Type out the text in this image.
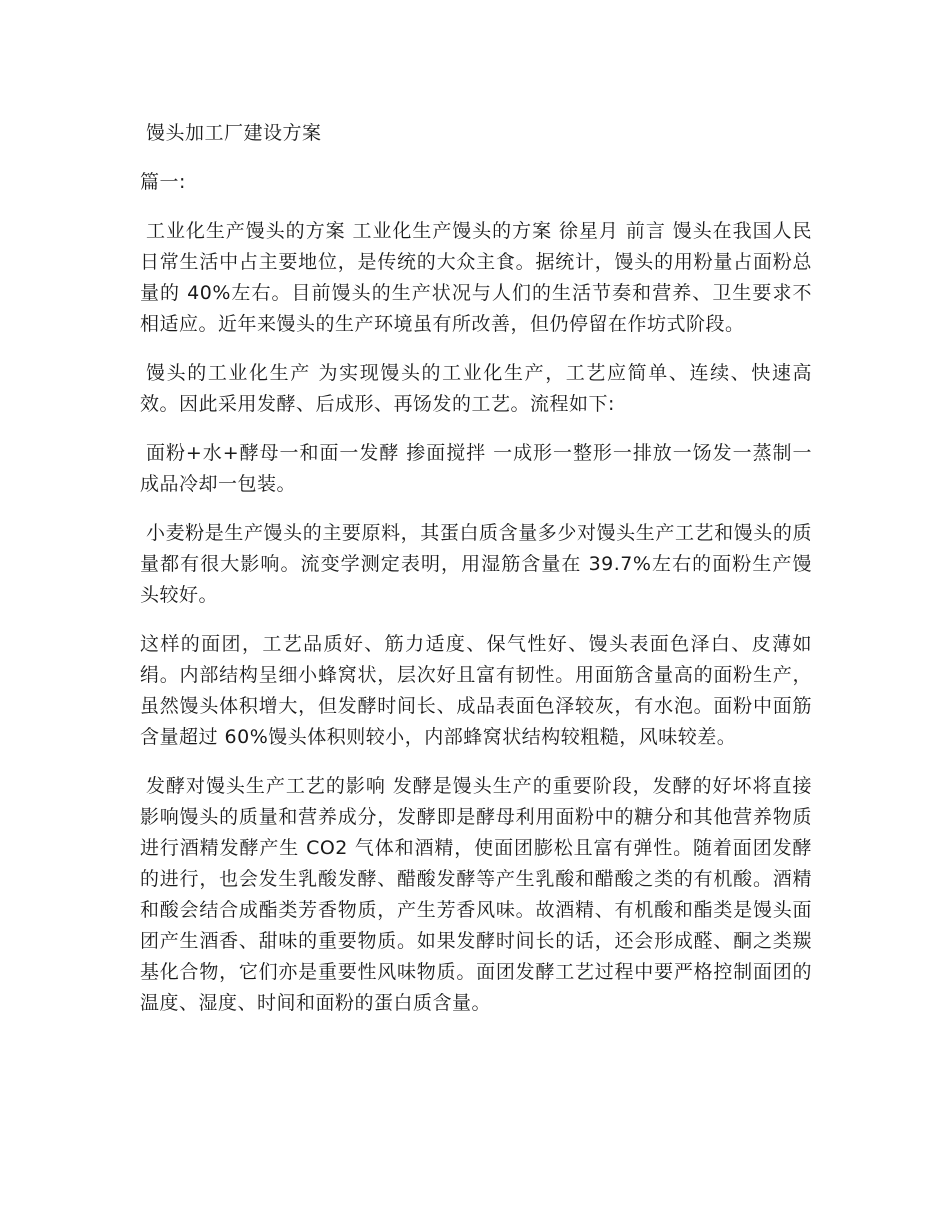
馒头加工厂建设方案
篇一:

工业化生产馒头的方案 工业化生产馒头的方案 徐星月 前言 馒头在我国人民日常生活中占主要地位，是传统的大众主食。据统计，馒头的用粉量占面粉总量的 40%左右。目前馒头的生产状况与人们的生活节奏和营养、卫生要求不相适应。近年来馒头的生产环境虽有所改善，但仍停留在作坊式阶段。

馒头的工业化生产 为实现馒头的工业化生产，工艺应简单、连续、快速高效。因此采用发酵、后成形、再饧发的工艺。流程如下:

面粉+水+酵母一和面一发酵 掺面搅拌 一成形一整形一排放一饧发一蒸制一成品冷却一包装。

小麦粉是生产馒头的主要原料，其蛋白质含量多少对馒头生产工艺和馒头的质量都有很大影响。流变学测定表明，用湿筋含量在 39.7%左右的面粉生产馒头较好。

这样的面团，工艺品质好、筋力适度、保气性好、馒头表面色泽白、皮薄如绢。内部结构呈细小蜂窝状，层次好且富有韧性。用面筋含量高的面粉生产，虽然馒头体积增大，但发酵时间长、成品表面色泽较灰，有水泡。面粉中面筋含量超过 60%馒头体积则较小，内部蜂窝状结构较粗糙，风味较差。

发酵对馒头生产工艺的影响 发酵是馒头生产的重要阶段，发酵的好坏将直接影响馒头的质量和营养成分，发酵即是酵母利用面粉中的糖分和其他营养物质进行酒精发酵产生 CO2 气体和酒精，使面团膨松且富有弹性。随着面团发酵的进行，也会发生乳酸发酵、醋酸发酵等产生乳酸和醋酸之类的有机酸。酒精和酸会结合成酯类芳香物质，产生芳香风味。故酒精、有机酸和酯类是馒头面团产生酒香、甜味的重要物质。如果发酵时间长的话，还会形成醛、酮之类羰基化合物，它们亦是重要性风味物质。面团发酵工艺过程中要严格控制面团的温度、湿度、时间和面粉的蛋白质含量。
